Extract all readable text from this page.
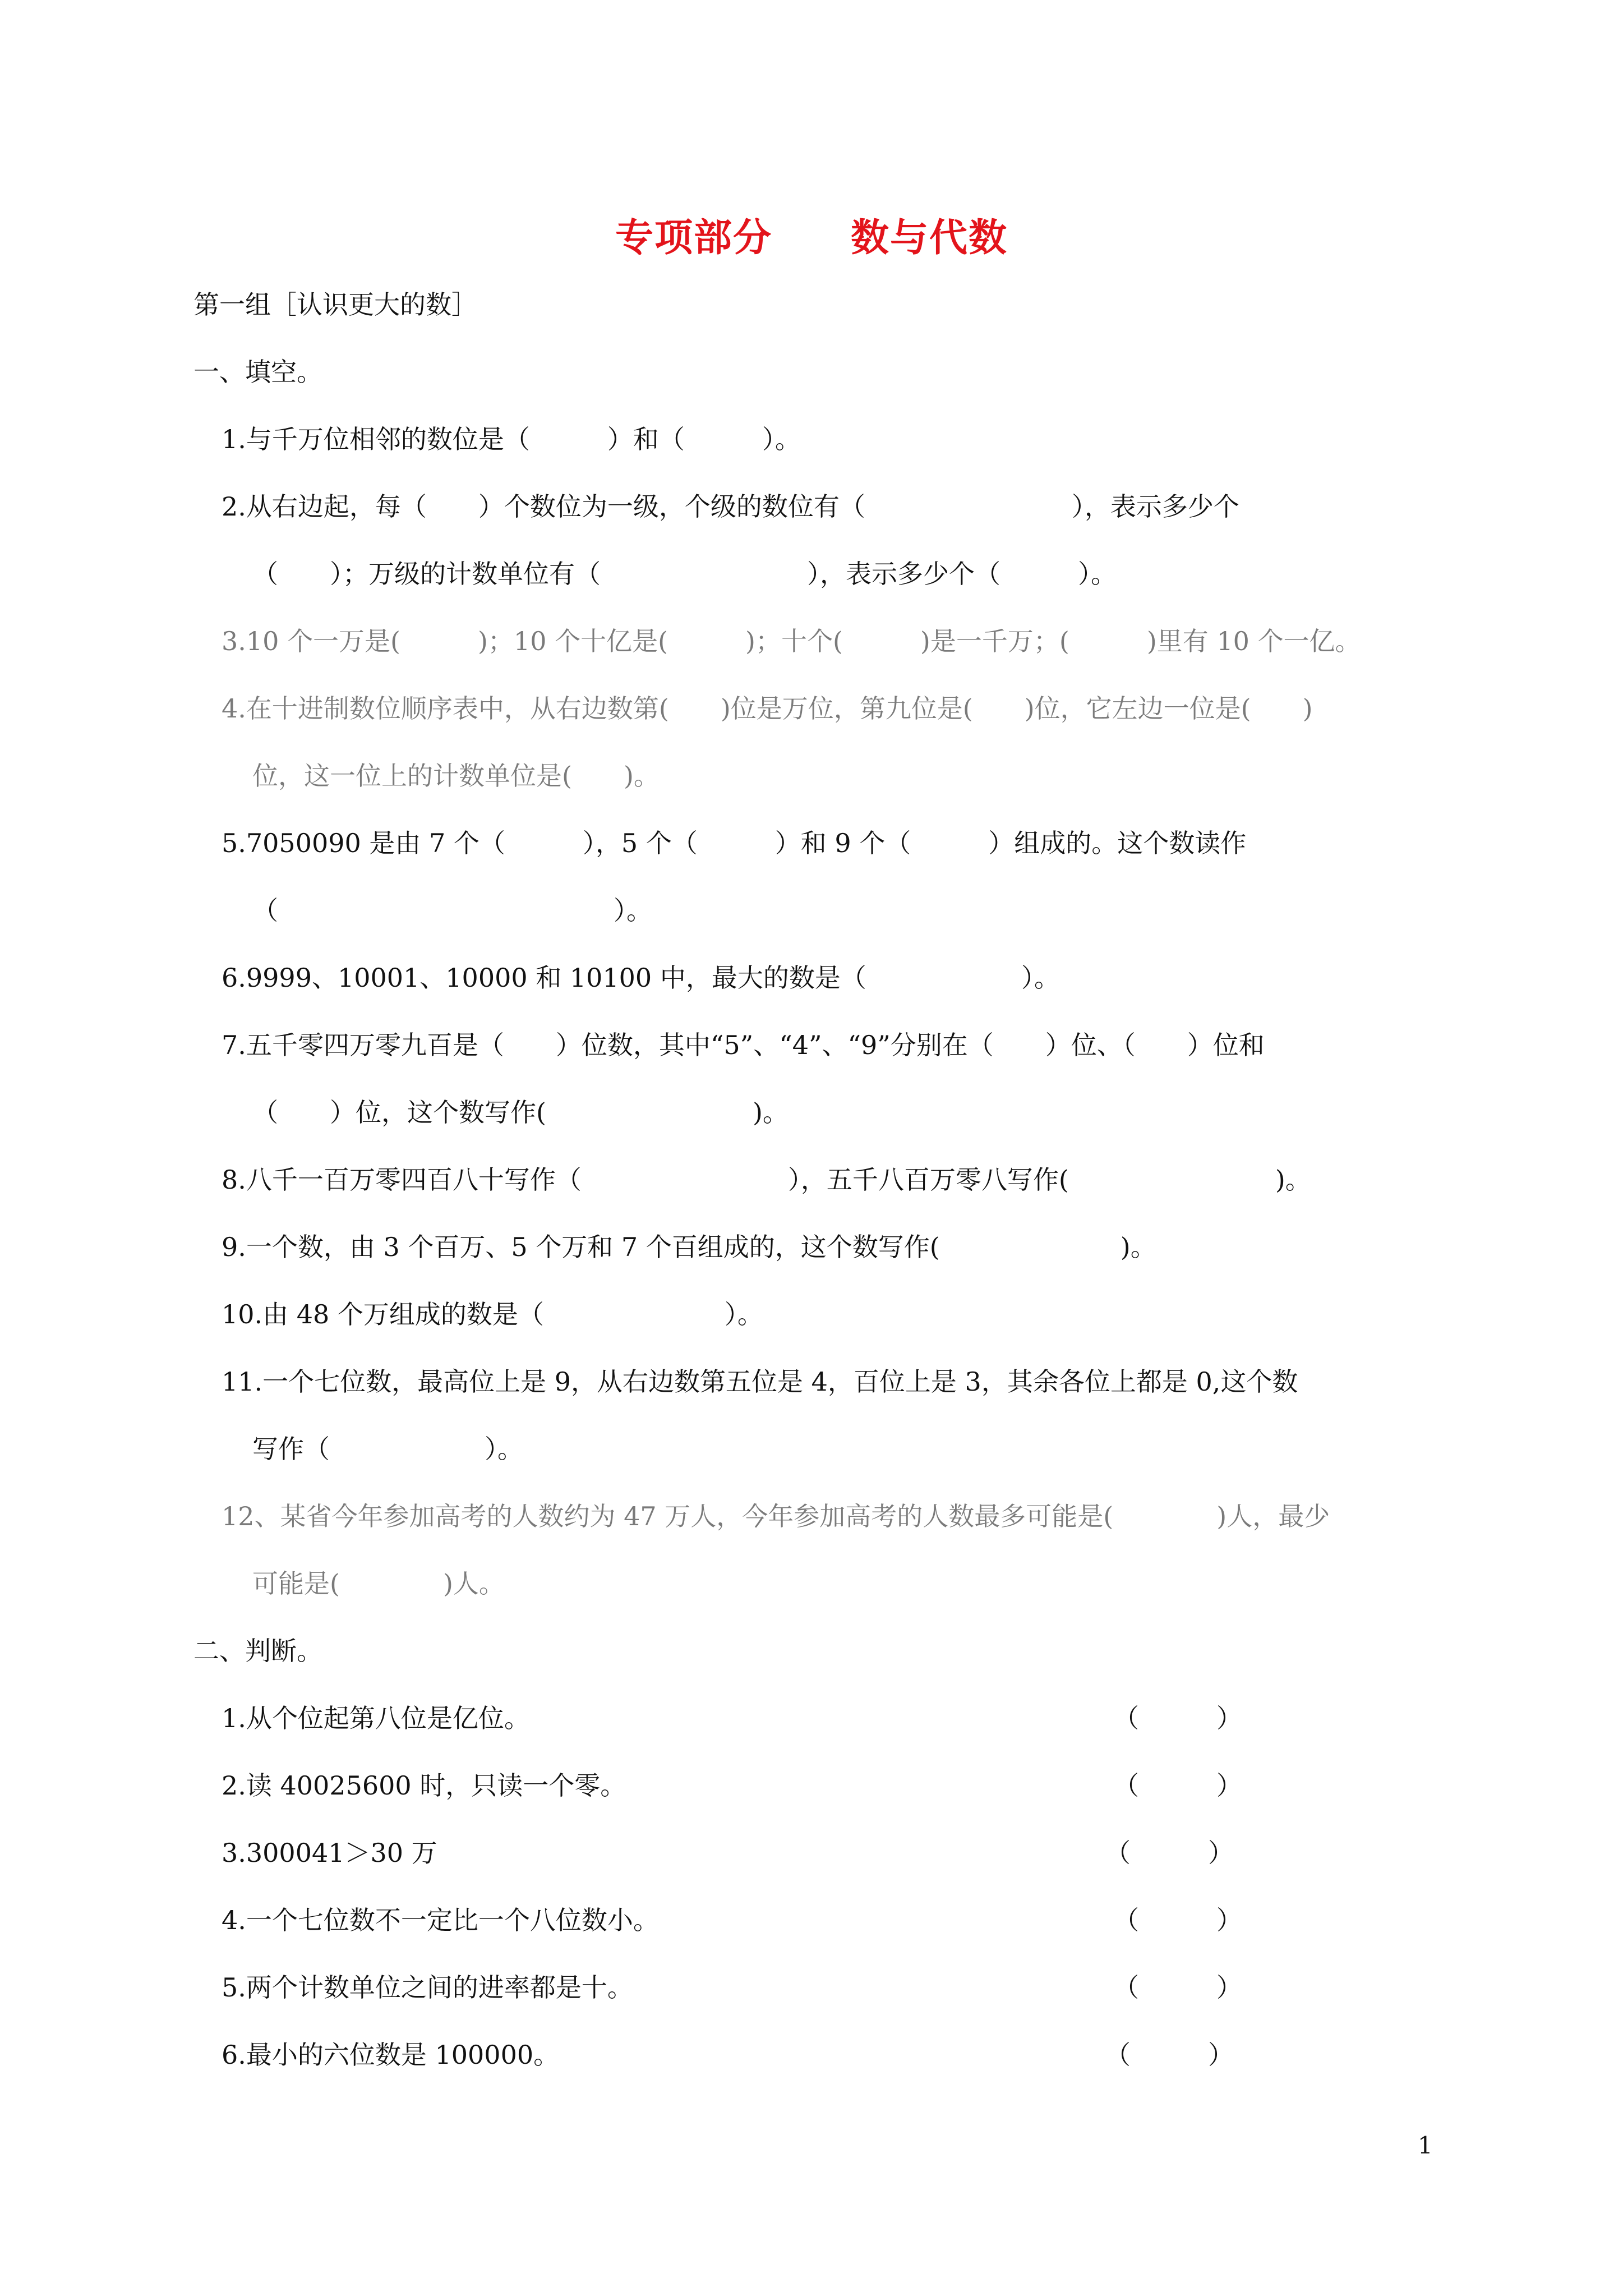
专项部分　　数与代数
第一组［认识更大的数］
一、填空。
1.与千万位相邻的数位是（　　　）和（　　　）。
2.从右边起，每（　　）个数位为一级，个级的数位有（　　　　　　　　），表示多少个
（　　）；万级的计数单位有（　　　　　　　　），表示多少个（　　　）。
3.10 个一万是(　　　)；10 个十亿是(　　　)；十个(　　　)是一千万；(　　　)里有 10 个一亿。
4.在十进制数位顺序表中，从右边数第(　　)位是万位，第九位是(　　)位，它左边一位是(　　)
位，这一位上的计数单位是(　　)。
5.7050090 是由 7 个（　　　），5 个（　　　）和 9 个（　　　）组成的。这个数读作
（　　　　　　　　　　　　　）。
6.9999、10001、10000 和 10100 中，最大的数是（　　　　　　）。
7.五千零四万零九百是（　　）位数，其中“5”、“4”、“9”分别在（　　）位、（　　）位和
（　　）位，这个数写作(　　　　　　　　)。
8.八千一百万零四百八十写作（　　　　　　　　），五千八百万零八写作(　　　　　　　　)。
9.一个数，由 3 个百万、5 个万和 7 个百组成的，这个数写作(　　　　　　　)。
10.由 48 个万组成的数是（　　　　　　　）。
11.一个七位数，最高位上是 9，从右边数第五位是 4，百位上是 3，其余各位上都是 0,这个数
写作（　　　　　　）。
12、某省今年参加高考的人数约为 47 万人，今年参加高考的人数最多可能是(　　　　)人，最少
可能是(　　　　)人。
二、判断。
1.从个位起第八位是亿位。	（　　　）
2.读 40025600 时，只读一个零。	（　　　）
3.300041＞30 万	（　　　）
4.一个七位数不一定比一个八位数小。	（　　　）
5.两个计数单位之间的进率都是十。	（　　　）
6.最小的六位数是 100000。	（　　　）
1
